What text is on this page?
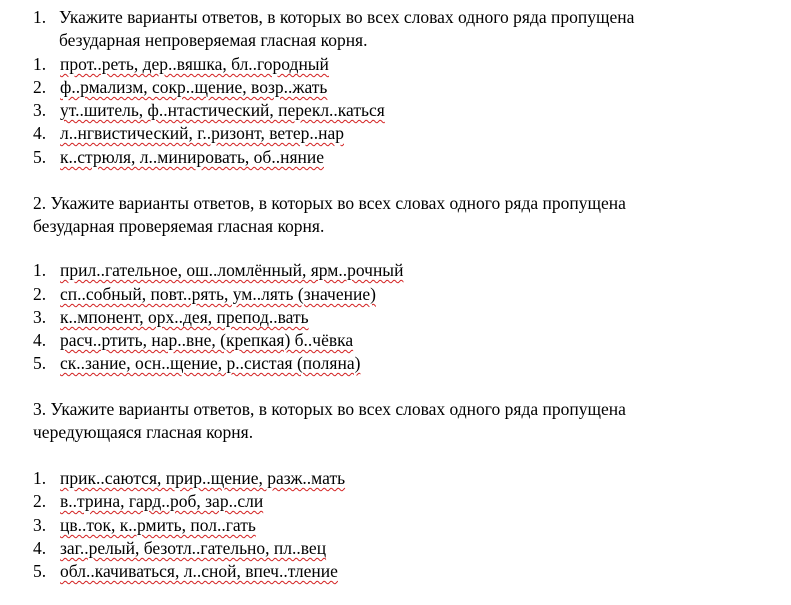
1. Укажите варианты ответов, в которых во всех словах одного ряда пропущена
безударная непроверяемая гласная корня.
1. прот..реть, дер..вяшка, бл..городный
2. ф..рмализм, сокр..щение, возр..жать
3. ут..шитель, ф..нтастический, перекл..каться
4. л..нгвистический, г..ризонт, ветер..нар
5. к..стрюля, л..минировать, об..няние
2. Укажите варианты ответов, в которых во всех словах одного ряда пропущена
безударная проверяемая гласная корня.
1. прил..гательное, ош..ломлённый, ярм..рочный
2. сп..собный, повт..рять, ум..лять (значение)
3. к..мпонент, орх..дея, препод..вать
4. расч..ртить, нар..вне, (крепкая) б..чёвка
5. ск..зание, осн..щение, р..систая (поляна)
3. Укажите варианты ответов, в которых во всех словах одного ряда пропущена
чередующаяся гласная корня.
1. прик..саются, прир..щение, разж..мать
2. в..трина, гард..роб, зар..сли
3. цв..ток, к..рмить, пол..гать
4. заг..релый, безотл..гательно, пл..вец
5. обл..качиваться, л..сной, впеч..тление
